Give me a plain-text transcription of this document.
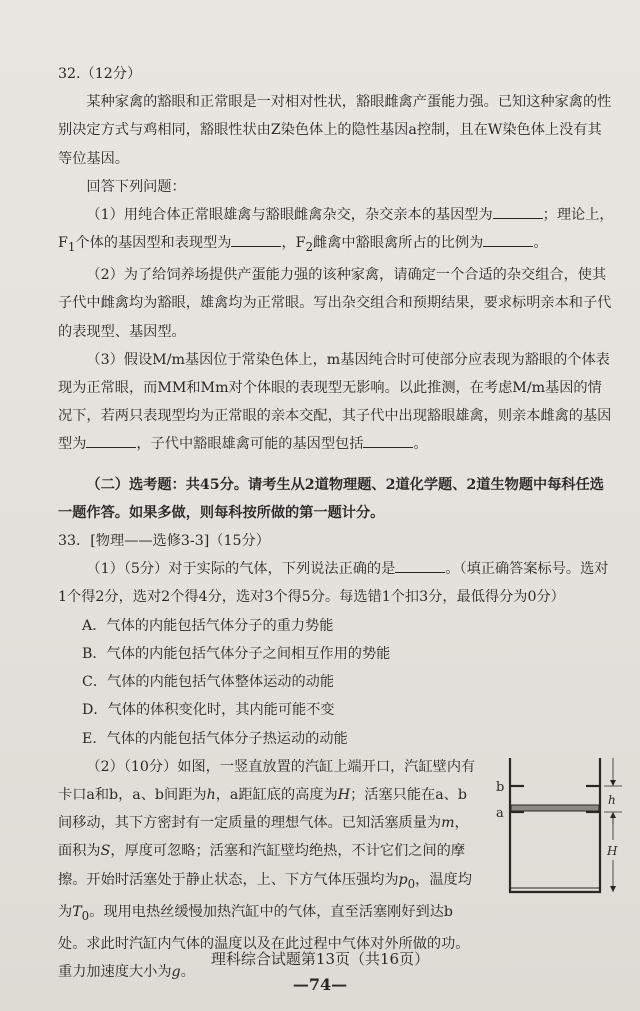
32.（12分）

某种家禽的豁眼和正常眼是一对相对性状，豁眼雌禽产蛋能力强。已知这种家禽的性别决定方式与鸡相同，豁眼性状由Z染色体上的隐性基因a控制，且在W染色体上没有其等位基因。

回答下列问题：

（1）用纯合体正常眼雄禽与豁眼雌禽杂交，杂交亲本的基因型为	；理论上，$F_1$个体的基因型和表现型为	，$F_2$雌禽中豁眼禽所占的比例为	。

（2）为了给饲养场提供产蛋能力强的该种家禽，请确定一个合适的杂交组合，使其子代中雌禽均为豁眼，雄禽均为正常眼。写出杂交组合和预期结果，要求标明亲本和子代的表现型、基因型。

（3）假设M/m基因位于常染色体上，m基因纯合时可使部分应表现为豁眼的个体表现为正常眼，而MM和Mm对个体眼的表现型无影响。以此推测，在考虑M/m基因的情况下，若两只表现型均为正常眼的亲本交配，其子代中出现豁眼雄禽，则亲本雌禽的基因型为	，子代中豁眼雄禽可能的基因型包括	。

（二）选考题：共45分。请考生从2道物理题、2道化学题、2道生物题中每科任选一题作答。如果多做，则每科按所做的第一题计分。

33．[物理——选修3-3]（15分）

（1）（5分）对于实际的气体，下列说法正确的是	。（填正确答案标号。选对1个得2分，选对2个得4分，选对3个得5分。每选错1个扣3分，最低得分为0分）

A．气体的内能包括气体分子的重力势能

B．气体的内能包括气体分子之间相互作用的势能

C．气体的内能包括气体整体运动的动能

D．气体的体积变化时，其内能可能不变

E．气体的内能包括气体分子热运动的动能

（2）（10分）如图，一竖直放置的汽缸上端开口，汽缸壁内有卡口a和b，a、b间距为h，a距缸底的高度为H；活塞只能在a、b间移动，其下方密封有一定质量的理想气体。已知活塞质量为m，面积为S，厚度可忽略；活塞和汽缸壁均绝热，不计它们之间的摩擦。开始时活塞处于静止状态，上、下方气体压强均为$p_0$，温度均为$T_0$。现用电热丝缓慢加热汽缸中的气体，直至活塞刚好到达b处。求此时汽缸内气体的温度以及在此过程中气体对外所做的功。重力加速度大小为g。

b
a
h
H
理科综合试题第13页（共16页）
—74—
